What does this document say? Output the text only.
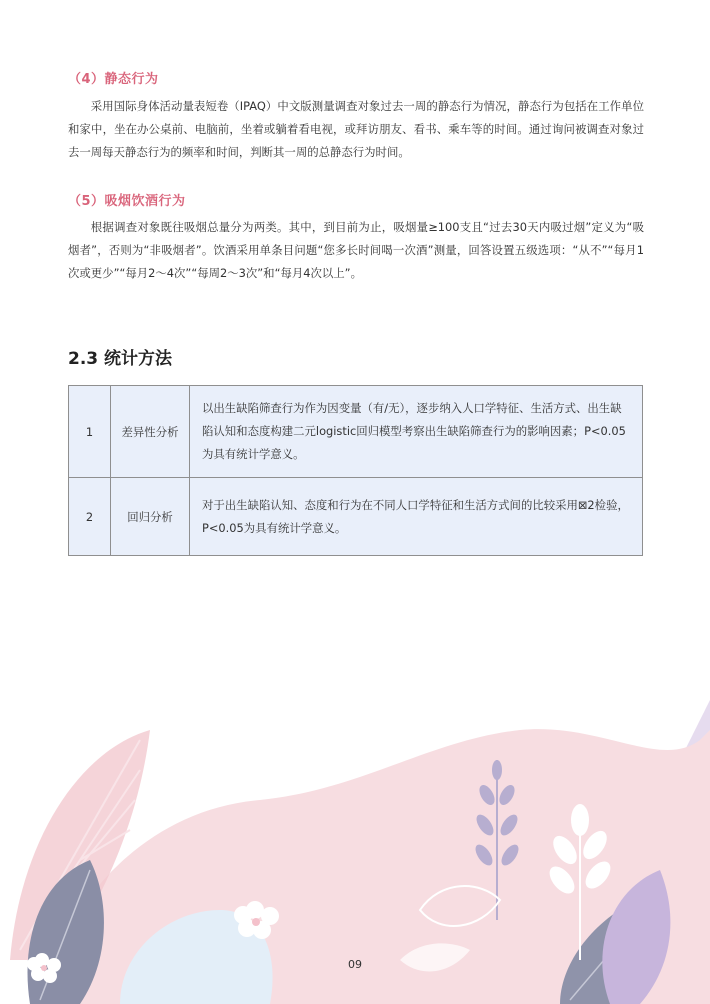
（4）静态行为
采用国际身体活动量表短卷（IPAQ）中文版测量调查对象过去一周的静态行为情况，静态行为包括在工作单位和家中，坐在办公桌前、电脑前，坐着或躺着看电视，或拜访朋友、看书、乘车等的时间。通过询问被调查对象过去一周每天静态行为的频率和时间，判断其一周的总静态行为时间。
（5）吸烟饮酒行为
根据调查对象既往吸烟总量分为两类。其中，到目前为止，吸烟量≥100支且“过去30天内吸过烟”定义为“吸烟者”，否则为“非吸烟者”。饮酒采用单条目问题“您多长时间喝一次酒”测量，回答设置五级选项：“从不”“每月1次或更少”“每月2～4次”“每周2～3次”和“每月4次以上”。
2.3 统计方法
1	差异性分析	以出生缺陷筛查行为作为因变量（有/无），逐步纳入人口学特征、生活方式、出生缺陷认知和态度构建二元logistic回归模型考察出生缺陷筛查行为的影响因素；P<0.05为具有统计学意义。
2	回归分析	对于出生缺陷认知、态度和行为在不同人口学特征和生活方式间的比较采用⊠2检验，P<0.05为具有统计学意义。
09
